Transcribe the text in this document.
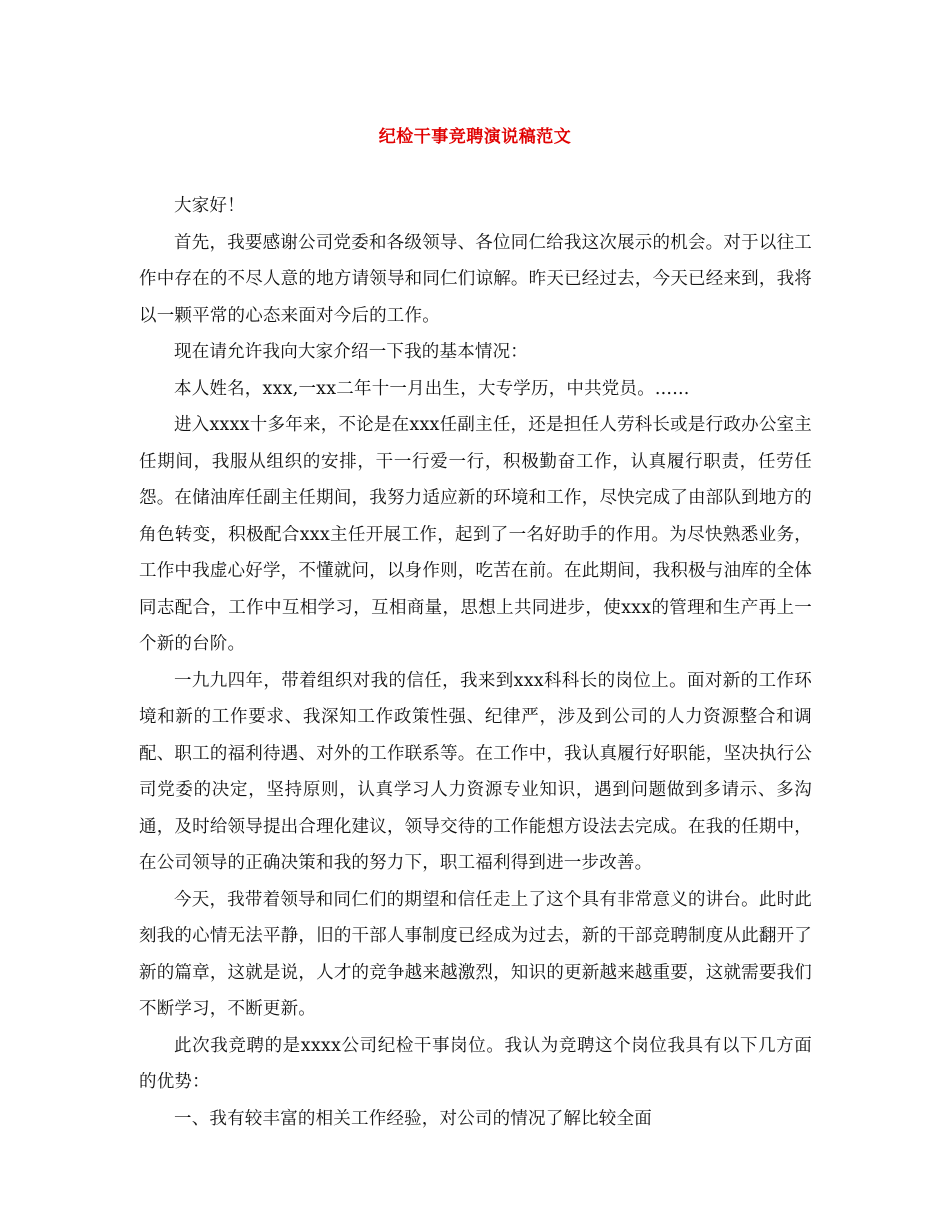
纪检干事竞聘演说稿范文

大家好！

首先，我要感谢公司党委和各级领导、各位同仁给我这次展示的机会。对于以往工作中存在的不尽人意的地方请领导和同仁们谅解。昨天已经过去，今天已经来到，我将以一颗平常的心态来面对今后的工作。

现在请允许我向大家介绍一下我的基本情况：

本人姓名，xxx,一xx二年十一月出生，大专学历，中共党员。......

进入xxxx十多年来，不论是在xxx任副主任，还是担任人劳科长或是行政办公室主任期间，我服从组织的安排，干一行爱一行，积极勤奋工作，认真履行职责，任劳任怨。在储油库任副主任期间，我努力适应新的环境和工作，尽快完成了由部队到地方的角色转变，积极配合xxx主任开展工作，起到了一名好助手的作用。为尽快熟悉业务，工作中我虚心好学，不懂就问，以身作则，吃苦在前。在此期间，我积极与油库的全体同志配合，工作中互相学习，互相商量，思想上共同进步，使xxx的管理和生产再上一个新的台阶。

一九九四年，带着组织对我的信任，我来到xxx科科长的岗位上。面对新的工作环境和新的工作要求、我深知工作政策性强、纪律严，涉及到公司的人力资源整合和调配、职工的福利待遇、对外的工作联系等。在工作中，我认真履行好职能，坚决执行公司党委的决定，坚持原则，认真学习人力资源专业知识，遇到问题做到多请示、多沟通，及时给领导提出合理化建议，领导交待的工作能想方设法去完成。在我的任期中，在公司领导的正确决策和我的努力下，职工福利得到进一步改善。

今天，我带着领导和同仁们的期望和信任走上了这个具有非常意义的讲台。此时此刻我的心情无法平静，旧的干部人事制度已经成为过去，新的干部竞聘制度从此翻开了新的篇章，这就是说，人才的竞争越来越激烈，知识的更新越来越重要，这就需要我们不断学习，不断更新。

此次我竞聘的是xxxx公司纪检干事岗位。我认为竞聘这个岗位我具有以下几方面的优势：

一、我有较丰富的相关工作经验，对公司的情况了解比较全面
